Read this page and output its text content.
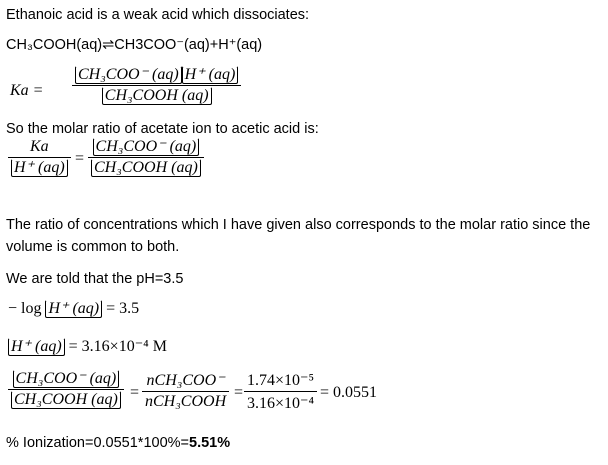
Ethanoic acid is a weak acid which dissociates:
CH₃COOH(aq)⇌CH3COO⁻(aq)+H⁺(aq)
Ka =
CH₃COO⁻ (aq) H⁺ (aq)
CH₃COOH (aq)
So the molar ratio of acetate ion to acetic acid is:
Ka
H⁺ (aq)
=
CH₃COO⁻ (aq)
CH₃COOH (aq)
The ratio of concentrations which I have given also corresponds to the molar ratio since the
volume is common to both.
We are told that the pH=3.5
− log H⁺ (aq) = 3.5
H⁺ (aq) = 3.16×10⁻⁴ M
CH₃COO⁻ (aq)
CH₃COOH (aq) =
nCH₃COO⁻
nCH₃COOH
=
1.74×10⁻⁵
3.16×10⁻⁴
= 0.0551
% Ionization=0.0551*100%=5.51%
